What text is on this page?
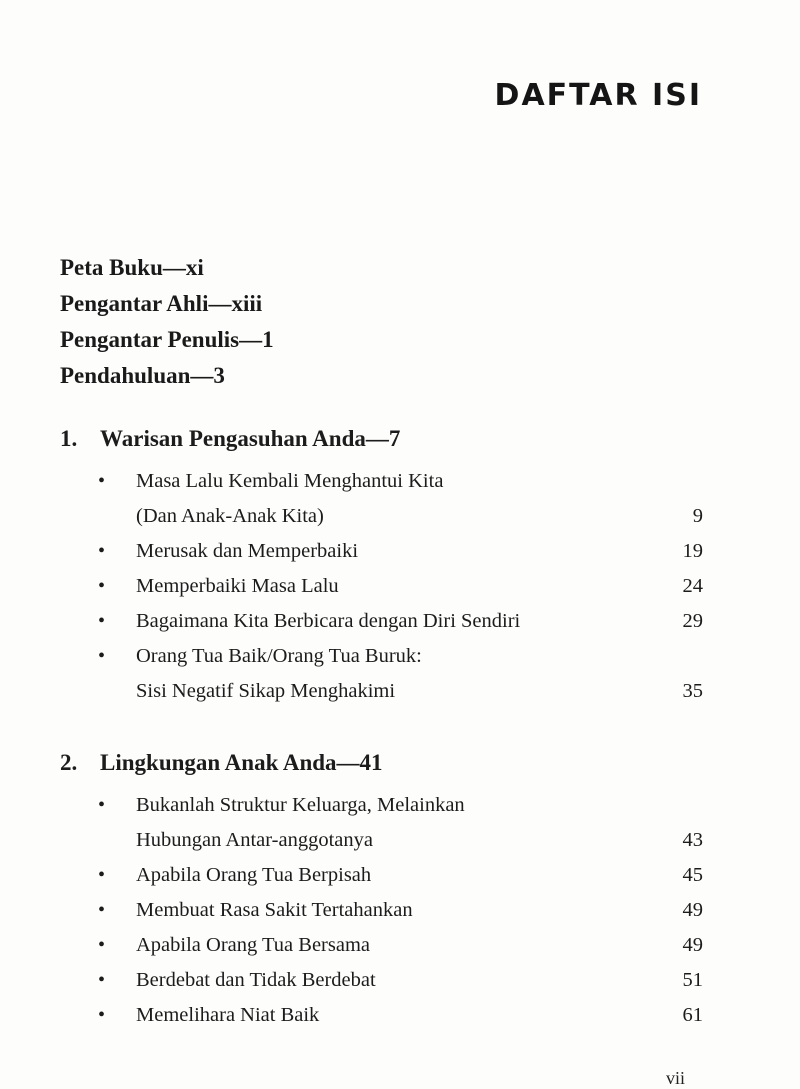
DAFTAR ISI
Peta Buku—xi
Pengantar Ahli—xiii
Pengantar Penulis—1
Pendahuluan—3
1. Warisan Pengasuhan Anda—7
•	Masa Lalu Kembali Menghantui Kita
(Dan Anak-Anak Kita)	9
•	Merusak dan Memperbaiki	19
•	Memperbaiki Masa Lalu	24
•	Bagaimana Kita Berbicara dengan Diri Sendiri	29
•	Orang Tua Baik/Orang Tua Buruk:
Sisi Negatif Sikap Menghakimi	35
2. Lingkungan Anak Anda—41
•	Bukanlah Struktur Keluarga, Melainkan
Hubungan Antar-anggotanya	43
•	Apabila Orang Tua Berpisah	45
•	Membuat Rasa Sakit Tertahankan	49
•	Apabila Orang Tua Bersama	49
•	Berdebat dan Tidak Berdebat	51
•	Memelihara Niat Baik	61
vii
